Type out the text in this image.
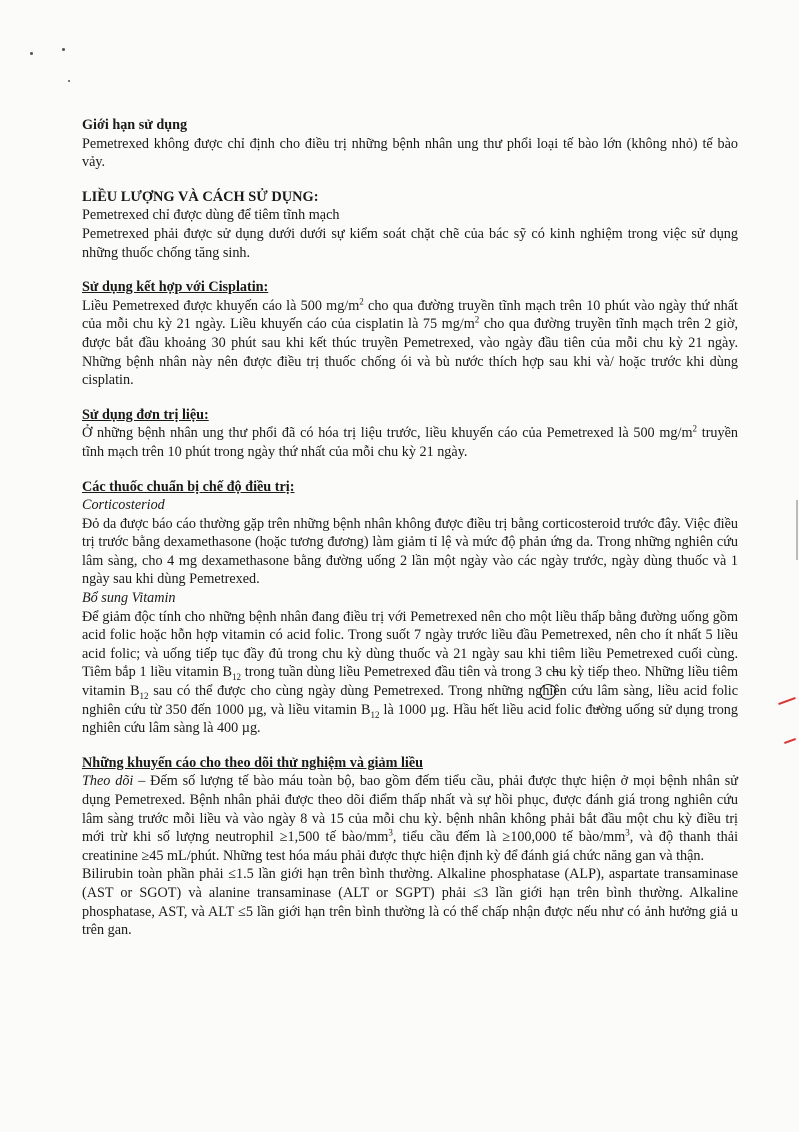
Giới hạn sử dụng

Pemetrexed không được chỉ định cho điều trị những bệnh nhân ung thư phổi loại tế bào lớn (không nhỏ) tế bào vảy.

LIỀU LƯỢNG VÀ CÁCH SỬ DỤNG:

Pemetrexed chỉ được dùng để tiêm tĩnh mạch

Pemetrexed phải được sử dụng dưới dưới sự kiểm soát chặt chẽ của bác sỹ có kinh nghiệm trong việc sử dụng những thuốc chống tăng sinh.

Sử dụng kết hợp với Cisplatin:

Liều Pemetrexed được khuyến cáo là 500 $mg/m^2$ cho qua đường truyền tĩnh mạch trên 10 phút vào ngày thứ nhất của mỗi chu kỳ 21 ngày. Liều khuyến cáo của cisplatin là 75 $mg/m^2$ cho qua đường truyền tĩnh mạch trên 2 giờ, được bắt đầu khoảng 30 phút sau khi kết thúc truyền Pemetrexed, vào ngày đầu tiên của mỗi chu kỳ 21 ngày. Những bệnh nhân này nên được điều trị thuốc chống ói và bù nước thích hợp sau khi và/ hoặc trước khi dùng cisplatin.

Sử dụng đơn trị liệu:

Ở những bệnh nhân ung thư phổi đã có hóa trị liệu trước, liều khuyến cáo của Pemetrexed là 500 $mg/m^2$ truyền tĩnh mạch trên 10 phút trong ngày thứ nhất của mỗi chu kỳ 21 ngày.

Các thuốc chuẩn bị chế độ điều trị:

Corticosteriod

Đỏ da được báo cáo thường gặp trên những bệnh nhân không được điều trị bằng corticosteroid trước đây. Việc điều trị trước bằng dexamethasone (hoặc tương đương) làm giảm tỉ lệ và mức độ phản ứng da. Trong những nghiên cứu lâm sàng, cho 4 mg dexamethasone bằng đường uống 2 lần một ngày vào các ngày trước, ngày dùng thuốc và 1 ngày sau khi dùng Pemetrexed.

Bổ sung Vitamin

Để giảm độc tính cho những bệnh nhân đang điều trị với Pemetrexed nên cho một liều thấp bằng đường uống gồm acid folic hoặc hỗn hợp vitamin có acid folic. Trong suốt 7 ngày trước liều đầu Pemetrexed, nên cho ít nhất 5 liều acid folic; và uống tiếp tục đầy đủ trong chu kỳ dùng thuốc và 21 ngày sau khi tiêm liều Pemetrexed cuối cùng. Tiêm bắp 1 liều vitamin $B_{12}$ trong tuần dùng liều Pemetrexed đầu tiên và trong 3 chu kỳ tiếp theo. Những liều tiêm vitamin $B_{12}$ sau có thể được cho cùng ngày dùng Pemetrexed. Trong những nghiên cứu lâm sàng, liều acid folic nghiên cứu từ 350 đến 1000 µg, và liều vitamin $B_{12}$ là 1000 µg. Hầu hết liều acid folic đường uống sử dụng trong nghiên cứu lâm sàng là 400 µg.

Những khuyến cáo cho theo dõi thử nghiệm và giảm liều

Theo dõi – Đếm số lượng tế bào máu toàn bộ, bao gồm đếm tiểu cầu, phải được thực hiện ở mọi bệnh nhân sử dụng Pemetrexed. Bệnh nhân phải được theo dõi điểm thấp nhất và sự hồi phục, được đánh giá trong nghiên cứu lâm sàng trước mỗi liều và vào ngày 8 và 15 của mỗi chu kỳ. bệnh nhân không phải bắt đầu một chu kỳ điều trị mới trừ khi số lượng neutrophil ≥1,500 tế bào/$mm^3$, tiểu cầu đếm là ≥100,000 tế bào/$mm^3$, và độ thanh thải creatinine ≥45 mL/phút. Những test hóa máu phải được thực hiện định kỳ để đánh giá chức năng gan và thận.

Bilirubin toàn phần phải ≤1.5 lần giới hạn trên bình thường. Alkaline phosphatase (ALP), aspartate transaminase (AST or SGOT) và alanine transaminase (ALT or SGPT) phải ≤3 lần giới hạn trên bình thường. Alkaline phosphatase, AST, và ALT ≤5 lần giới hạn trên bình thường là có thể chấp nhận được nếu như có ảnh hưởng giả u trên gan.
